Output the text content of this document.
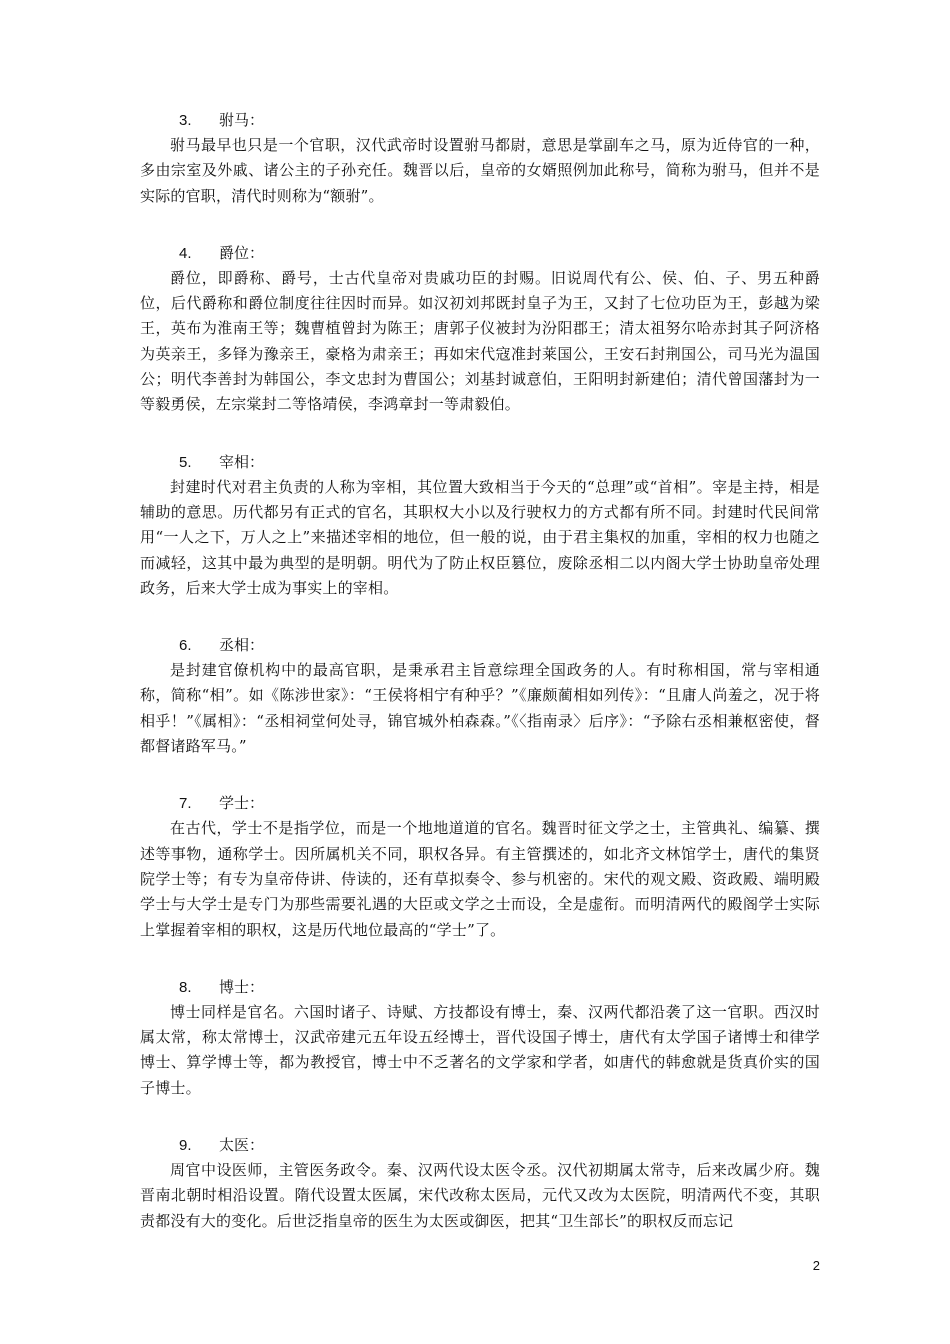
3.	驸马：

驸马最早也只是一个官职，汉代武帝时设置驸马都尉，意思是掌副车之马，原为近侍官的一种，多由宗室及外戚、诸公主的子孙充任。魏晋以后，皇帝的女婿照例加此称号，简称为驸马，但并不是实际的官职，清代时则称为“额驸”。

4.	爵位：

爵位，即爵称、爵号，士古代皇帝对贵戚功臣的封赐。旧说周代有公、侯、伯、子、男五种爵位，后代爵称和爵位制度往往因时而异。如汉初刘邦既封皇子为王，又封了七位功臣为王，彭越为梁王，英布为淮南王等；魏曹植曾封为陈王；唐郭子仪被封为汾阳郡王；清太祖努尔哈赤封其子阿济格为英亲王，多铎为豫亲王，豪格为肃亲王；再如宋代寇准封莱国公，王安石封荆国公，司马光为温国公；明代李善封为韩国公，李文忠封为曹国公；刘基封诚意伯，王阳明封新建伯；清代曾国藩封为一等毅勇侯，左宗棠封二等恪靖侯，李鸿章封一等肃毅伯。

5.	宰相：

封建时代对君主负责的人称为宰相，其位置大致相当于今天的“总理”或“首相”。宰是主持，相是辅助的意思。历代都另有正式的官名，其职权大小以及行驶权力的方式都有所不同。封建时代民间常用“一人之下，万人之上”来描述宰相的地位，但一般的说，由于君主集权的加重，宰相的权力也随之而减轻，这其中最为典型的是明朝。明代为了防止权臣篡位，废除丞相二以内阁大学士协助皇帝处理政务，后来大学士成为事实上的宰相。

6.	丞相：

是封建官僚机构中的最高官职，是秉承君主旨意综理全国政务的人。有时称相国，常与宰相通称，简称“相”。如《陈涉世家》：“王侯将相宁有种乎？”《廉颇蔺相如列传》：“且庸人尚羞之，况于将相乎！”《属相》：“丞相祠堂何处寻，锦官城外柏森森。”《〈指南录〉后序》：“予除右丞相兼枢密使，督都督诸路军马。”

7.	学士：

在古代，学士不是指学位，而是一个地地道道的官名。魏晋时征文学之士，主管典礼、编纂、撰述等事物，通称学士。因所属机关不同，职权各异。有主管撰述的，如北齐文林馆学士，唐代的集贤院学士等；有专为皇帝侍讲、侍读的，还有草拟奏令、参与机密的。宋代的观文殿、资政殿、端明殿学士与大学士是专门为那些需要礼遇的大臣或文学之士而设，全是虚衔。而明清两代的殿阁学士实际上掌握着宰相的职权，这是历代地位最高的“学士”了。

8.	博士：

博士同样是官名。六国时诸子、诗赋、方技都设有博士，秦、汉两代都沿袭了这一官职。西汉时属太常，称太常博士，汉武帝建元五年设五经博士，晋代设国子博士，唐代有太学国子诸博士和律学博士、算学博士等，都为教授官，博士中不乏著名的文学家和学者，如唐代的韩愈就是货真价实的国子博士。

9.	太医：

周官中设医师，主管医务政令。秦、汉两代设太医令丞。汉代初期属太常寺，后来改属少府。魏晋南北朝时相沿设置。隋代设置太医属，宋代改称太医局，元代又改为太医院，明清两代不变，其职责都没有大的变化。后世泛指皇帝的医生为太医或御医，把其“卫生部长”的职权反而忘记

2
